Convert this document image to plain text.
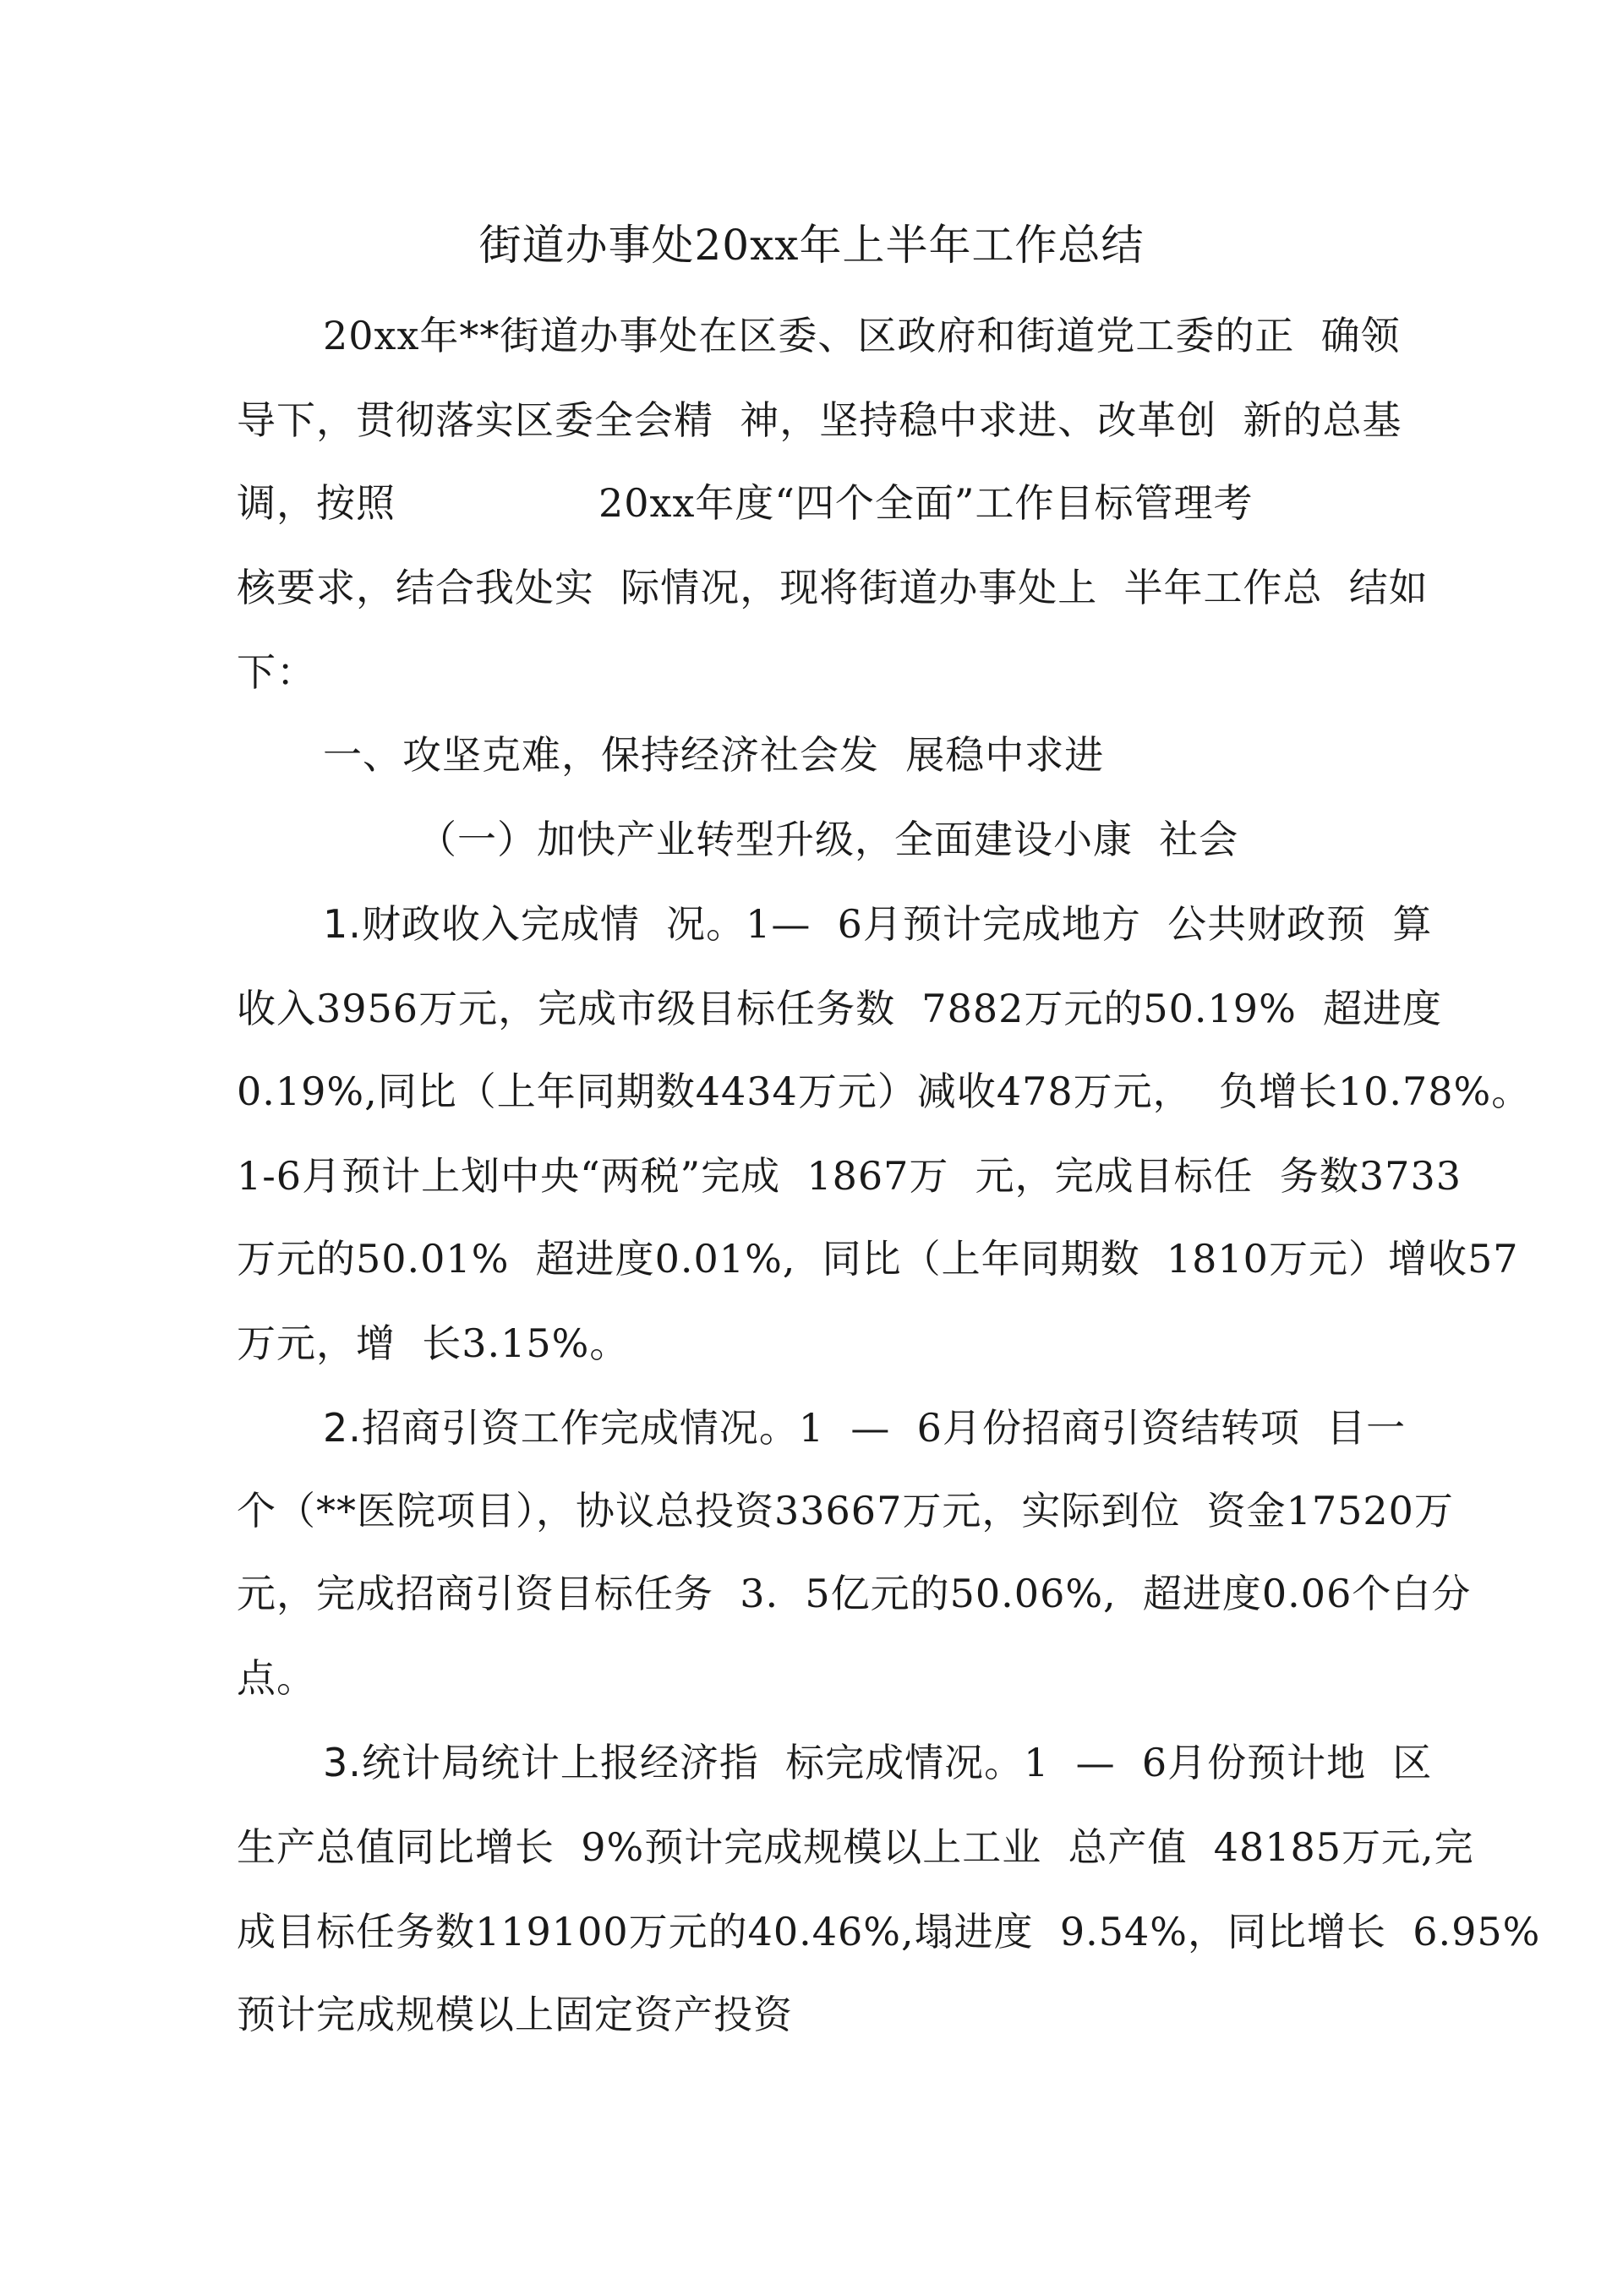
街道办事处20xx年上半年工作总结
20xx年**街道办事处在区委、区政府和街道党工委的正  确领
导下，贯彻落实区委全会精  神，坚持稳中求进、改革创  新的总基
调，按照	20xx年度“四个全面”工作目标管理考
核要求，结合我处实  际情况，现将街道办事处上  半年工作总  结如
下：
一、攻坚克难，保持经济社会发  展稳中求进
（一）加快产业转型升级，全面建设小康  社会
1.财政收入完成情  况。1—  6月预计完成地方  公共财政预  算
收入3956万元，完成市级目标任务数  7882万元的50.19%  超进度
0.19%,同比（上年同期数4434万元）减收478万元，  负增长10.78%。
1-6月预计上划中央“两税”完成  1867万  元，完成目标任  务数3733
万元的50.01%  超进度0.01%,  同比（上年同期数  1810万元）增收57
万元，增  长3.15%。
2.招商引资工作完成情况。1  —  6月份招商引资结转项  目一
个（**医院项目），协议总投资33667万元，实际到位  资金17520万
元，完成招商引资目标任务  3.  5亿元的50.06%,  超进度0.06个白分
点。
3.统计局统计上报经济指  标完成情况。1  —  6月份预计地  区
生产总值同比增长  9%预计完成规模以上工业  总产值  48185万元,完
成目标任务数119100万元的40.46%,塌进度  9.54%，同比增长  6.95%
预计完成规模以上固定资产投资
